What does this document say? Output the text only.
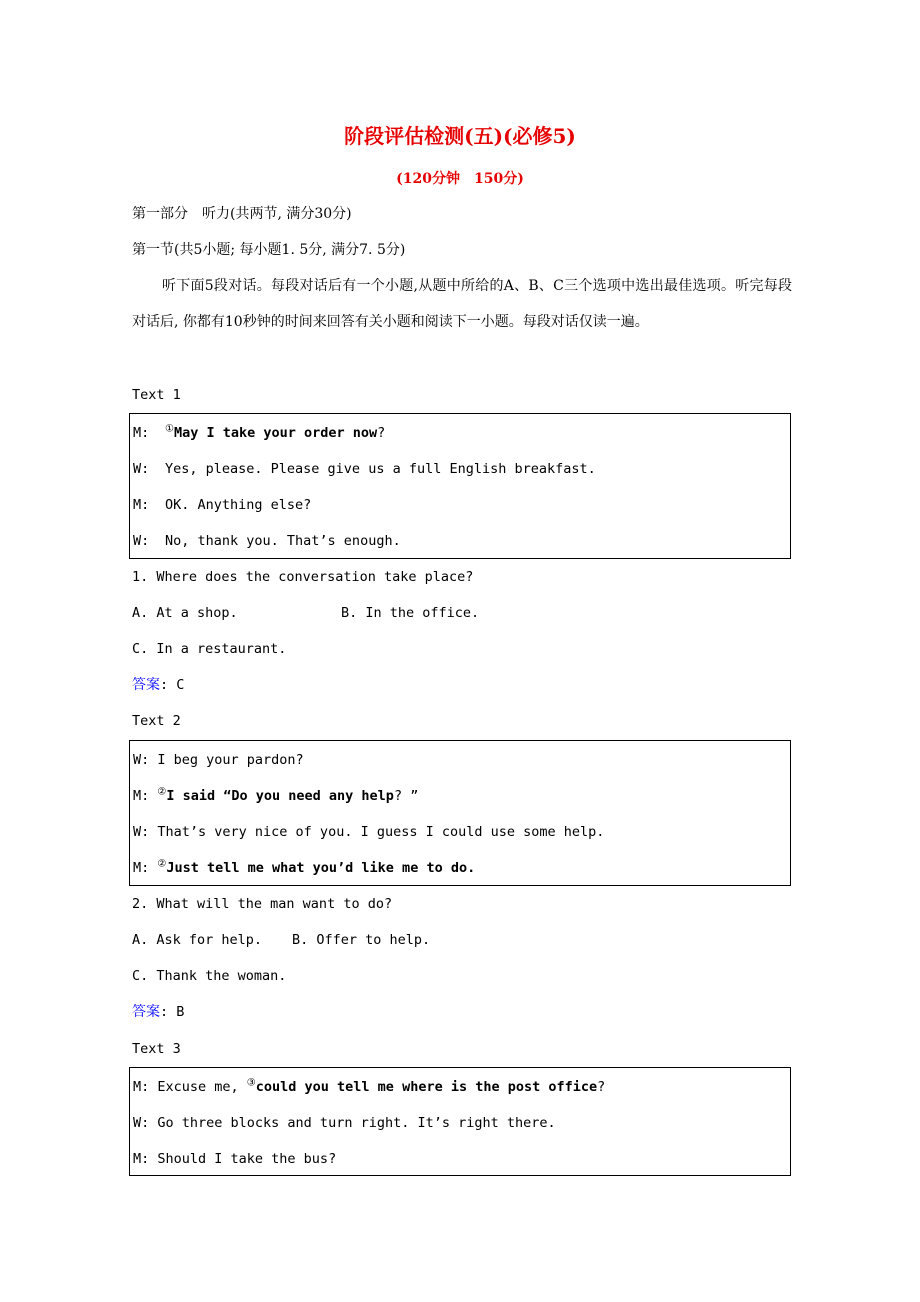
阶段评估检测(五)(必修5)
(120分钟　150分)
第一部分　听力(共两节, 满分30分)
第一节(共5小题; 每小题1. 5分, 满分7. 5分)
听下面5段对话。每段对话后有一个小题,从题中所给的A、B、C三个选项中选出最佳选项。听完每段对话后, 你都有10秒钟的时间来回答有关小题和阅读下一小题。每段对话仅读一遍。
Text 1
M: ①May I take your order now?
W: Yes, please. Please give us a full English breakfast.
M: OK. Anything else?
W: No, thank you. That’s enough.
1. Where does the conversation take place?
A. At a shop.	B. In the office.
C. In a restaurant.
答案: C
Text 2
W: I beg your pardon?
M: ②I said “Do you need any help? ”
W: That’s very nice of you. I guess I could use some help.
M: ②Just tell me what you’d like me to do.
2. What will the man want to do?
A. Ask for help. B. Offer to help.
C. Thank the woman.
答案: B
Text 3
M: Excuse me, ③could you tell me where is the post office?
W: Go three blocks and turn right. It’s right there.
M: Should I take the bus?
